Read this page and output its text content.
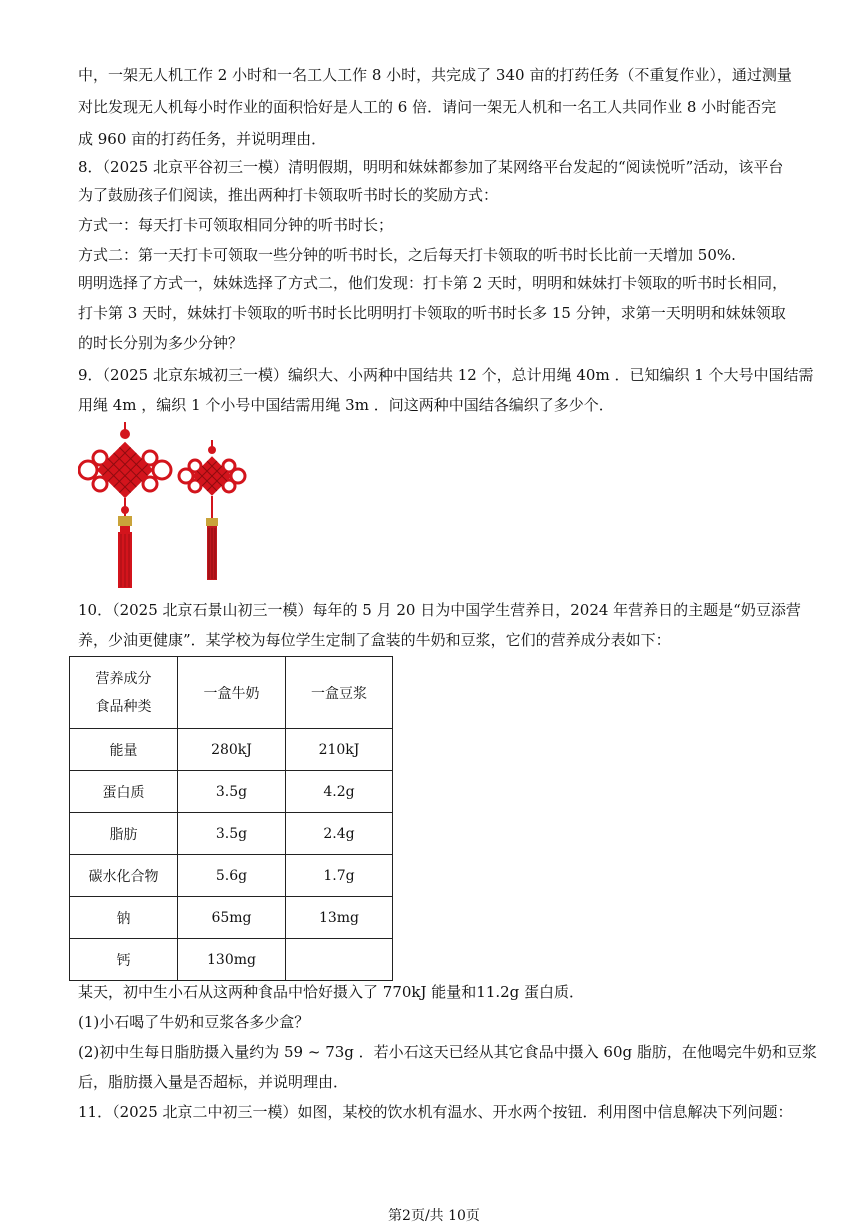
中，一架无人机工作 2 小时和一名工人工作 8 小时，共完成了 340 亩的打药任务（不重复作业），通过测量
对比发现无人机每小时作业的面积恰好是人工的 6 倍．请问一架无人机和一名工人共同作业 8 小时能否完
成 960 亩的打药任务，并说明理由．
8．（2025 北京平谷初三一模）清明假期，明明和妹妹都参加了某网络平台发起的“阅读悦听”活动，该平台
为了鼓励孩子们阅读，推出两种打卡领取听书时长的奖励方式：
方式一：每天打卡可领取相同分钟的听书时长；
方式二：第一天打卡可领取一些分钟的听书时长，之后每天打卡领取的听书时长比前一天增加 50%.
明明选择了方式一，妹妹选择了方式二，他们发现：打卡第 2 天时，明明和妹妹打卡领取的听书时长相同，
打卡第 3 天时，妹妹打卡领取的听书时长比明明打卡领取的听书时长多 15 分钟，求第一天明明和妹妹领取
的时长分别为多少分钟？
9．（2025 北京东城初三一模）编织大、小两种中国结共 12 个，总计用绳 40m ．已知编织 1 个大号中国结需
用绳 4m ，编织 1 个小号中国结需用绳 3m ．问这两种中国结各编织了多少个．
10．（2025 北京石景山初三一模）每年的 5 月 20 日为中国学生营养日，2024 年营养日的主题是“奶豆添营
养，少油更健康”．某学校为每位学生定制了盒装的牛奶和豆浆，它们的营养成分表如下：
营养成分
食品种类	一盒牛奶	一盒豆浆
能量	280kJ	210kJ
蛋白质	3.5g	4.2g
脂肪	3.5g	2.4g
碳水化合物	5.6g	1.7g
钠	65mg	13mg
钙	130mg	
某天，初中生小石从这两种食品中恰好摄入了 770kJ 能量和11.2g 蛋白质．
(1)小石喝了牛奶和豆浆各多少盒？
(2)初中生每日脂肪摄入量约为 59 ~ 73g ．若小石这天已经从其它食品中摄入 60g 脂肪，在他喝完牛奶和豆浆
后，脂肪摄入量是否超标，并说明理由．
11．（2025 北京二中初三一模）如图，某校的饮水机有温水、开水两个按钮．利用图中信息解决下列问题：
第2页/共 10页
